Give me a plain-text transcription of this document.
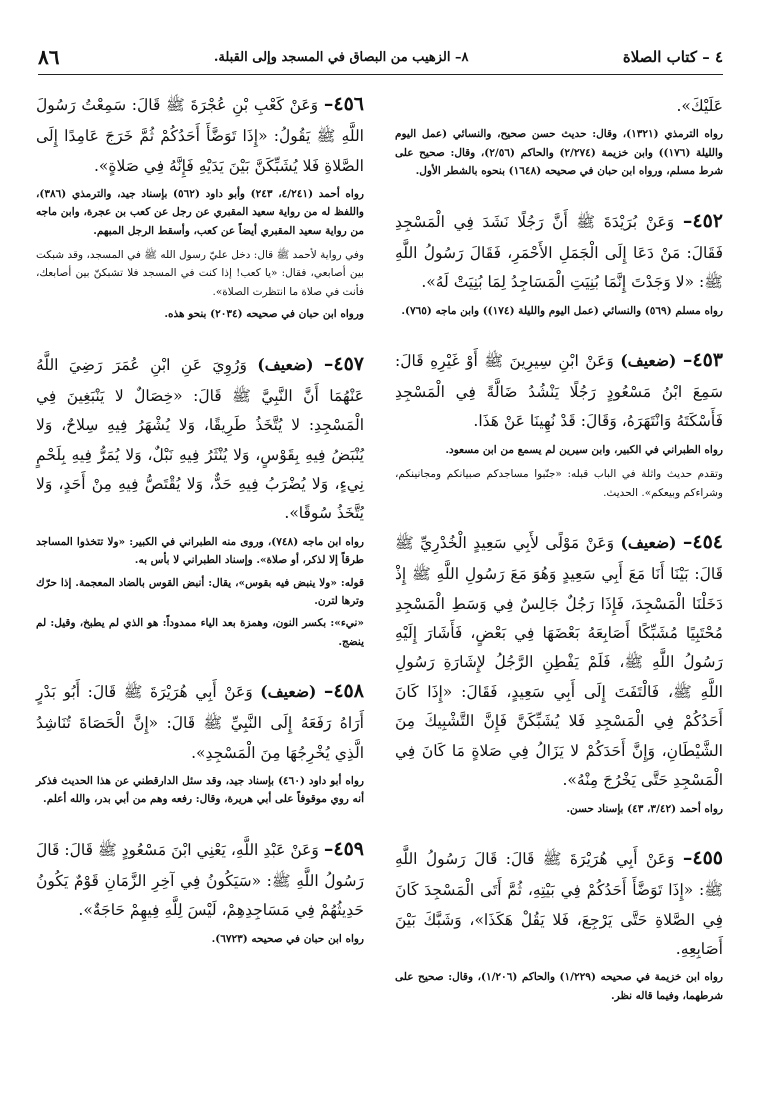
٤ – كتاب الصلاة
٨– الزهيب من البصاق في المسجد وإلى القبلة.
٨٦

عَلَيْكَ».

رواه الترمذي (١٣٢١)، وقال: حديث حسن صحيح، والنسائي (عمل اليوم والليلة (١٧٦)) وابن خزيمة (٢/٢٧٤) والحاكم (٢/٥٦)، وقال: صحيح على شرط مسلم، ورواه ابن حبان في صحيحه (١٦٤٨) بنحوه بالشطر الأول.

٤٥٢– وَعَنْ بُرَيْدَةَ ﷺ أَنَّ رَجُلًا نَشَدَ فِي الْمَسْجِدِ فَقَالَ: مَنْ دَعَا إِلَى الْجَمَلِ الأَحْمَرِ، فَقَالَ رَسُولُ اللَّهِ ﷺ: «لا وَجَدْتَ إِنَّمَا بُنِيَتِ الْمَسَاجِدُ لِمَا بُنِيَتْ لَهُ».

رواه مسلم (٥٦٩) والنسائي (عمل اليوم والليلة (١٧٤)) وابن ماجه (٧٦٥).

٤٥٣– (ضعيف) وَعَنْ ابْنِ سِيرِينَ ﷺ أَوْ غَيْرِهِ قَالَ: سَمِعَ ابْنُ مَسْعُودٍ رَجُلًا يَنْشُدُ ضَالَّةً فِي الْمَسْجِدِ فَأَسْكَتَهُ وَانْتَهَرَهُ، وَقَالَ: قَدْ نُهِينَا عَنْ هَذَا.

رواه الطبراني في الكبير، وابن سيرين لم يسمع من ابن مسعود.

وتقدم حديث واثلة في الباب قبله: «جنّبوا مساجدكم صبيانكم ومجانينكم، وشراءكم وبيعكم». الحديث.

٤٥٤– (ضعيف) وَعَنْ مَوْلًى لأَبِي سَعِيدٍ الْخُدْرِيِّ ﷺ قَالَ: بَيْنَا أَنَا مَعَ أَبِي سَعِيدٍ وَهُوَ مَعَ رَسُولِ اللَّهِ ﷺ إِذْ دَخَلْنَا الْمَسْجِدَ، فَإِذَا رَجُلٌ جَالِسٌ فِي وَسَطِ الْمَسْجِدِ مُحْتَبِيًا مُشَبِّكًا أَصَابِعَهُ بَعْضَهَا فِي بَعْضٍ، فَأَشَارَ إِلَيْهِ رَسُولُ اللَّهِ ﷺ، فَلَمْ يَفْطِنِ الرَّجُلُ لإِشَارَةِ رَسُولِ اللَّهِ ﷺ، فَالْتَفَتَ إِلَى أَبِي سَعِيدٍ، فَقَالَ: «إِذَا كَانَ أَحَدُكُمْ فِي الْمَسْجِدِ فَلا يُشَبِّكَنَّ فَإِنَّ التَّشْبِيكَ مِنَ الشَّيْطَانِ، وَإِنَّ أَحَدَكُمْ لا يَزَالُ فِي صَلاةٍ مَا كَانَ فِي الْمَسْجِدِ حَتَّى يَخْرُجَ مِنْهُ».

رواه أحمد (٣/٤٢، ٤٣) بإسناد حسن.

٤٥٥– وَعَنْ أَبِي هُرَيْرَةَ ﷺ قَالَ: قَالَ رَسُولُ اللَّهِ ﷺ: «إِذَا تَوَضَّأَ أَحَدُكُمْ فِي بَيْتِهِ، ثُمَّ أَتَى الْمَسْجِدَ كَانَ فِي الصَّلاةِ حَتَّى يَرْجِعَ، فَلا يَقُلْ هَكَذَا»، وَشَبَّكَ بَيْنَ أَصَابِعِهِ.

رواه ابن خزيمة في صحيحه (١/٢٢٩) والحاكم (١/٢٠٦)، وقال: صحيح على شرطهما، وفيما قاله نظر.

٤٥٦– وَعَنْ كَعْبِ بْنِ عُجْرَةَ ﷺ قَالَ: سَمِعْتُ رَسُولَ اللَّهِ ﷺ يَقُولُ: «إِذَا تَوَضَّأَ أَحَدُكُمْ ثُمَّ خَرَجَ عَامِدًا إِلَى الصَّلاةِ فَلا يُشَبِّكَنَّ بَيْنَ يَدَيْهِ فَإِنَّهُ فِي صَلاةٍ».

رواه أحمد (٤/٢٤١، ٢٤٣) وأبو داود (٥٦٢) بإسناد جيد، والترمذي (٣٨٦)، واللفظ له من رواية سعيد المقبري عن رجل عن كعب بن عجرة، وابن ماجه من رواية سعيد المقبري أيضاً عن كعب، وأسقط الرجل المبهم.

وفي رواية لأحمد ﷺ قال: دخل عليّ رسول الله ﷺ في المسجد، وقد شبكت بين أصابعي، فقال: «يا كعب! إذا كنت في المسجد فلا تشبكنّ بين أصابعك، فأنت في صلاة ما انتظرت الصلاة».

ورواه ابن حبان في صحيحه (٢٠٣٤) بنحو هذه.

٤٥٧– (ضعيف) وَرُوِيَ عَنِ ابْنِ عُمَرَ رَضِيَ اللَّهُ عَنْهُمَا أَنَّ النَّبِيَّ ﷺ قَالَ: «خِصَالٌ لا يَنْبَغِينَ فِي الْمَسْجِدِ: لا يُتَّخَذُ طَرِيقًا، وَلا يُشْهَرُ فِيهِ سِلاحٌ، وَلا يُنْبَضُ فِيهِ بِقَوْسٍ، وَلا يُنْثَرُ فِيهِ نَبْلٌ، وَلا يُمَرُّ فِيهِ بِلَحْمٍ نِيءٍ، وَلا يُضْرَبُ فِيهِ حَدٌّ، وَلا يُقْتَصُّ فِيهِ مِنْ أَحَدٍ، وَلا يُتَّخَذُ سُوقًا».

رواه ابن ماجه (٧٤٨)، وروى منه الطبراني في الكبير: «ولا تتخذوا المساجد طرقاً إلا لذكر، أو صلاة». وإسناد الطبراني لا بأس به.

قوله: «ولا ينبض فيه بقوس»، يقال: أنبض القوس بالضاد المعجمة. إذا حرّك وترها لترن.

«نيء»: بكسر النون، وهمزة بعد الياء ممدوداً: هو الذي لم يطبخ، وقيل: لم ينضج.

٤٥٨– (ضعيف) وَعَنْ أَبِي هُرَيْرَةَ ﷺ قَالَ: أَبُو بَدْرٍ أَرَاهُ رَفَعَهُ إِلَى النَّبِيِّ ﷺ قَالَ: «إِنَّ الْحَصَاةَ تُنَاشِدُ الَّذِي يُخْرِجُهَا مِنَ الْمَسْجِدِ».

رواه أبو داود (٤٦٠) بإسناد جيد، وقد سئل الدارقطني عن هذا الحديث فذكر أنه روي موقوفاً على أبي هريرة، وقال: رفعه وهم من أبي بدر، والله أعلم.

٤٥٩– وَعَنْ عَبْدِ اللَّهِ، يَعْنِي ابْنَ مَسْعُودٍ ﷺ قَالَ: قَالَ رَسُولُ اللَّهِ ﷺ: «سَيَكُونُ فِي آخِرِ الزَّمَانِ قَوْمٌ يَكُونُ حَدِيثُهُمْ فِي مَسَاجِدِهِمْ، لَيْسَ لِلَّهِ فِيهِمْ حَاجَةٌ».

رواه ابن حبان في صحيحه (٦٧٢٣).
